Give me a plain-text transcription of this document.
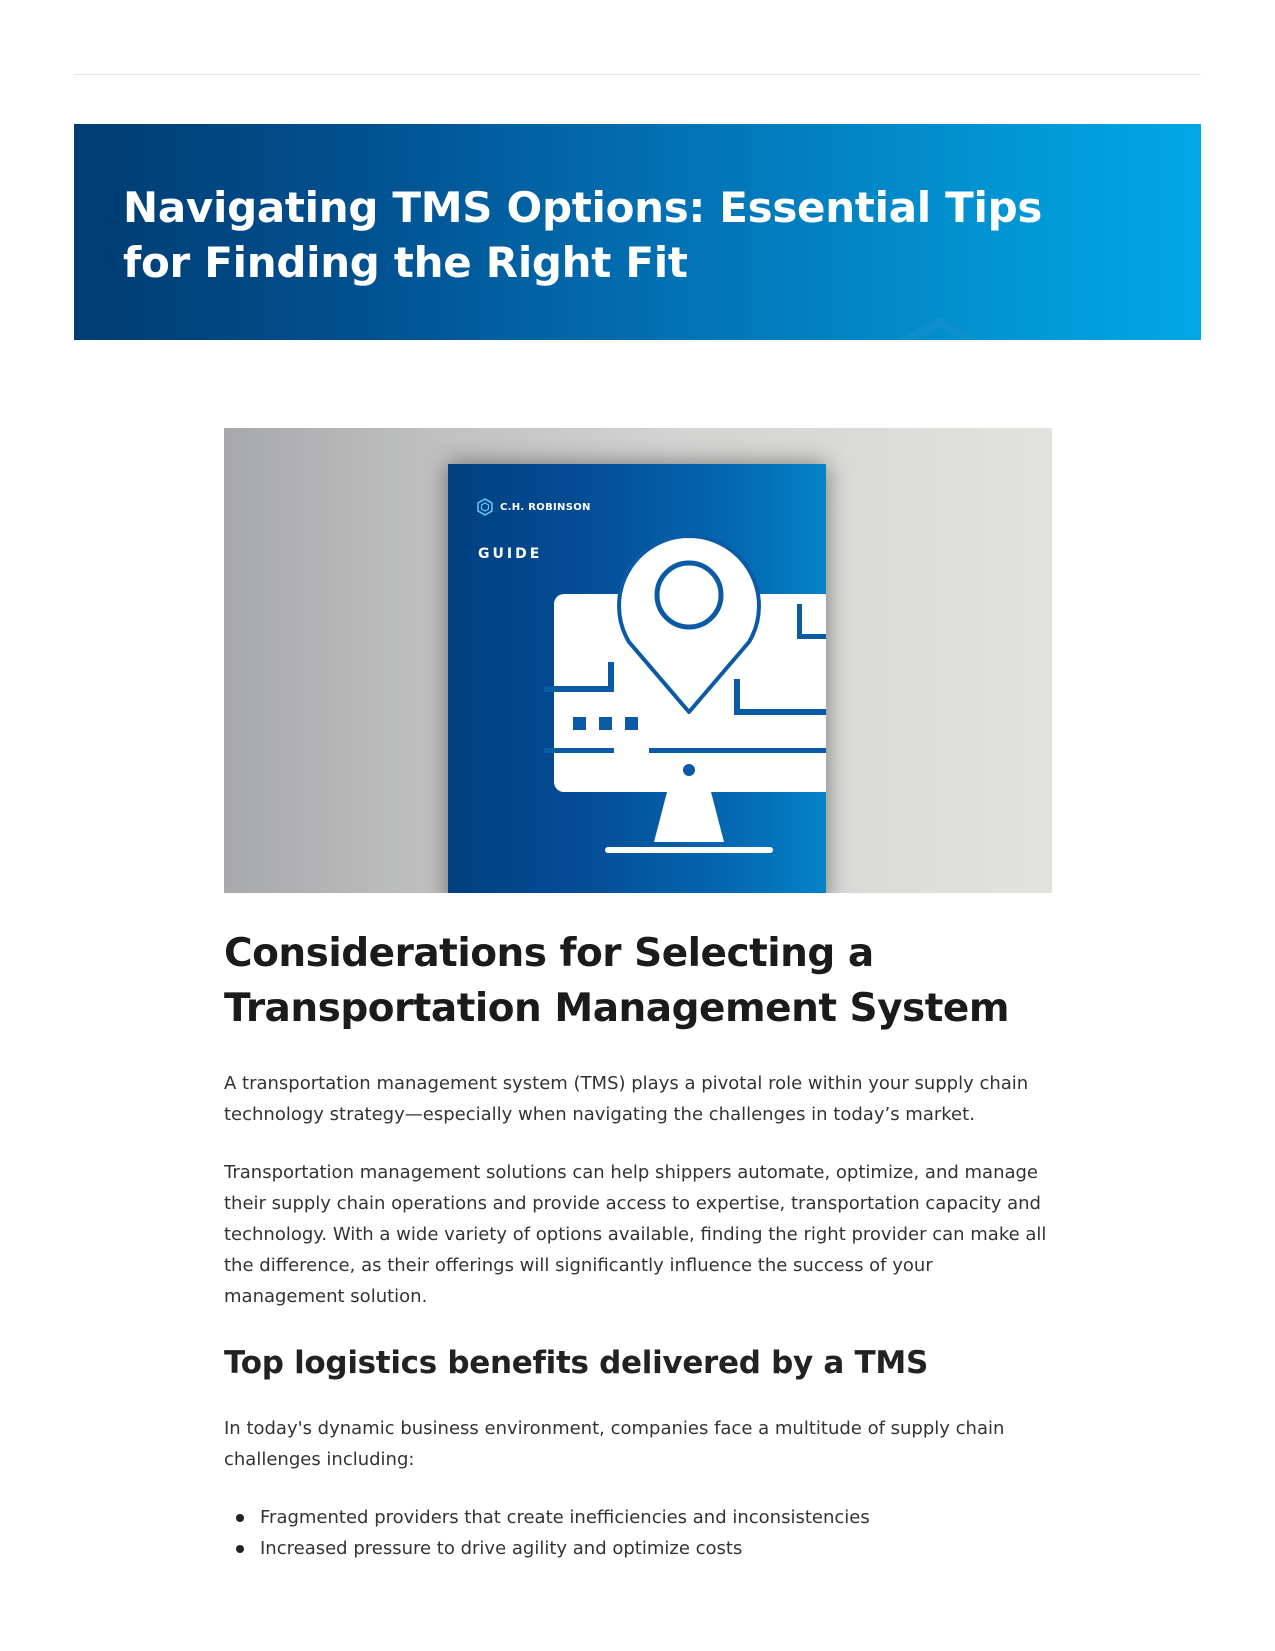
Navigating TMS Options: Essential Tips for Finding the Right Fit
C.H. ROBINSON
GUIDE
Considerations for Selecting a Transportation Management System

A transportation management system (TMS) plays a pivotal role within your supply chain technology strategy—especially when navigating the challenges in today’s market.

Transportation management solutions can help shippers automate, optimize, and manage their supply chain operations and provide access to expertise, transportation capacity and technology. With a wide variety of options available, finding the right provider can make all the difference, as their offerings will significantly influence the success of your management solution.

Top logistics benefits delivered by a TMS

In today's dynamic business environment, companies face a multitude of supply chain challenges including:

Fragmented providers that create inefficiencies and inconsistencies
Increased pressure to drive agility and optimize costs
